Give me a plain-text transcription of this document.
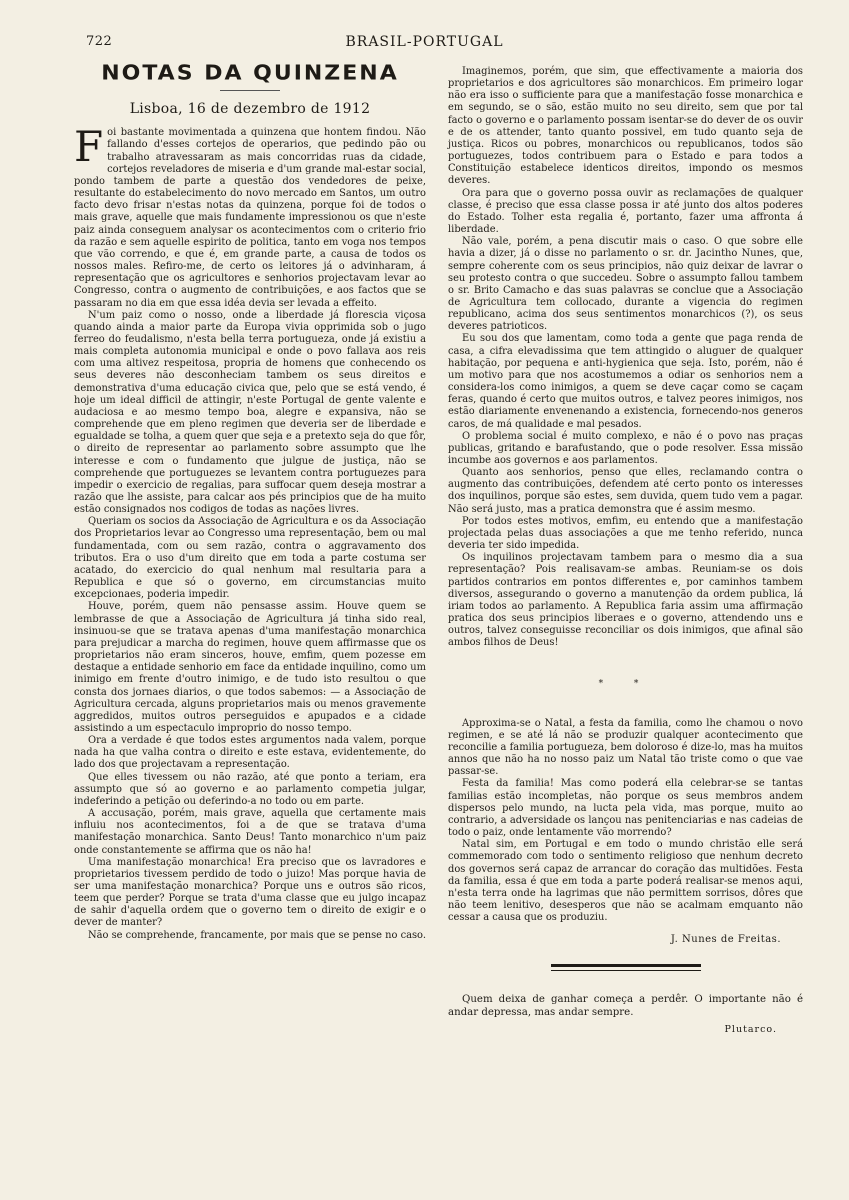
722	BRASIL-PORTUGAL
NOTAS DA QUINZENA
Lisboa, 16 de dezembro de 1912

Foi bastante movimentada a quinzena que hontem findou. Não fallando d'esses cortejos de operarios, que pedindo pão ou trabalho atravessaram as mais concorridas ruas da cidade, cortejos reveladores de miseria e d'um grande mal-estar social, pondo tambem de parte a questão dos vendedores de peixe, resultante do estabelecimento do novo mercado em Santos, um outro facto devo frisar n'estas notas da quinzena, porque foi de todos o mais grave, aquelle que mais fundamente impressionou os que n'este paiz ainda conseguem analysar os acontecimentos com o criterio frio da razão e sem aquelle espirito de politica, tanto em voga nos tempos que vão correndo, e que é, em grande parte, a causa de todos os nossos males. Refiro-me, de certo os leitores já o advinharam, á representação que os agricultores e senhorios projectavam levar ao Congresso, contra o augmento de contribuições, e aos factos que se passaram no dia em que essa idéa devia ser levada a effeito.

N'um paiz como o nosso, onde a liberdade já florescia viçosa quando ainda a maior parte da Europa vivia opprimida sob o jugo ferreo do feudalismo, n'esta bella terra portugueza, onde já existiu a mais completa autonomia municipal e onde o povo fallava aos reis com uma altivez respeitosa, propria de homens que conhecendo os seus deveres não desconheciam tambem os seus direitos e demonstrativa d'uma educação civica que, pelo que se está vendo, é hoje um ideal difficil de attingir, n'este Portugal de gente valente e audaciosa e ao mesmo tempo boa, alegre e expansiva, não se comprehende que em pleno regimen que deveria ser de liberdade e egualdade se tolha, a quem quer que seja e a pretexto seja do que fôr, o direito de representar ao parlamento sobre assumpto que lhe interesse e com o fundamento que julgue de justiça, não se comprehende que portuguezes se levantem contra portuguezes para impedir o exercicio de regalias, para suffocar quem deseja mostrar a razão que lhe assiste, para calcar aos pés principios que de ha muito estão consignados nos codigos de todas as nações livres.

Queriam os socios da Associação de Agricultura e os da Associação dos Proprietarios levar ao Congresso uma representação, bem ou mal fundamentada, com ou sem razão, contra o aggravamento dos tributos. Era o uso d'um direito que em toda a parte costuma ser acatado, do exercicio do qual nenhum mal resultaria para a Republica e que só o governo, em circumstancias muito excepcionaes, poderia impedir.

Houve, porém, quem não pensasse assim. Houve quem se lembrasse de que a Associação de Agricultura já tinha sido real, insinuou-se que se tratava apenas d'uma manifestação monarchica para prejudicar a marcha do regimen, houve quem affirmasse que os proprietarios não eram sinceros, houve, emfim, quem pozesse em destaque a entidade senhorio em face da entidade inquilino, como um inimigo em frente d'outro inimigo, e de tudo isto resultou o que consta dos jornaes diarios, o que todos sabemos: — a Associação de Agricultura cercada, alguns proprietarios mais ou menos gravemente aggredidos, muitos outros perseguidos e apupados e a cidade assistindo a um espectaculo improprio do nosso tempo.

Ora a verdade é que todos estes argumentos nada valem, porque nada ha que valha contra o direito e este estava, evidentemente, do lado dos que projectavam a representação.

Que elles tivessem ou não razão, até que ponto a teriam, era assumpto que só ao governo e ao parlamento competia julgar, indeferindo a petição ou deferindo-a no todo ou em parte.

A accusação, porém, mais grave, aquella que certamente mais influiu nos acontecimentos, foi a de que se tratava d'uma manifestação monarchica. Santo Deus! Tanto monarchico n'um paiz onde constantemente se affirma que os não ha!

Uma manifestação monarchica! Era preciso que os lavradores e proprietarios tivessem perdido de todo o juizo! Mas porque havia de ser uma manifestação monarchica? Porque uns e outros são ricos, teem que perder? Porque se trata d'uma classe que eu julgo incapaz de sahir d'aquella ordem que o governo tem o direito de exigir e o dever de manter?

Não se comprehende, francamente, por mais que se pense no caso.

Imaginemos, porém, que sim, que effectivamente a maioria dos proprietarios e dos agricultores são monarchicos. Em primeiro logar não era isso o sufficiente para que a manifestação fosse monarchica e em segundo, se o são, estão muito no seu direito, sem que por tal facto o governo e o parlamento possam isentar-se do dever de os ouvir e de os attender, tanto quanto possivel, em tudo quanto seja de justiça. Ricos ou pobres, monarchicos ou republicanos, todos são portuguezes, todos contribuem para o Estado e para todos a Constituição estabelece identicos direitos, impondo os mesmos deveres.

Ora para que o governo possa ouvir as reclamações de qualquer classe, é preciso que essa classe possa ir até junto dos altos poderes do Estado. Tolher esta regalia é, portanto, fazer uma affronta á liberdade.

Não vale, porém, a pena discutir mais o caso. O que sobre elle havia a dizer, já o disse no parlamento o sr. dr. Jacintho Nunes, que, sempre coherente com os seus principios, não quiz deixar de lavrar o seu protesto contra o que succedeu. Sobre o assumpto fallou tambem o sr. Brito Camacho e das suas palavras se conclue que a Associação de Agricultura tem collocado, durante a vigencia do regimen republicano, acima dos seus sentimentos monarchicos (?), os seus deveres patrioticos.

Eu sou dos que lamentam, como toda a gente que paga renda de casa, a cifra elevadissima que tem attingido o aluguer de qualquer habitação, por pequena e anti-hygienica que seja. Isto, porém, não é um motivo para que nos acostumemos a odiar os senhorios nem a considera-los como inimigos, a quem se deve caçar como se caçam feras, quando é certo que muitos outros, e talvez peores inimigos, nos estão diariamente envenenando a existencia, fornecendo-nos generos caros, de má qualidade e mal pesados.

O problema social é muito complexo, e não é o povo nas praças publicas, gritando e barafustando, que o pode resolver. Essa missão incumbe aos governos e aos parlamentos.

Quanto aos senhorios, penso que elles, reclamando contra o augmento das contribuições, defendem até certo ponto os interesses dos inquilinos, porque são estes, sem duvida, quem tudo vem a pagar. Não será justo, mas a pratica demonstra que é assim mesmo.

Por todos estes motivos, emfim, eu entendo que a manifestação projectada pelas duas associações a que me tenho referido, nunca deveria ter sido impedida.

Os inquilinos projectavam tambem para o mesmo dia a sua representação? Pois realisavam-se ambas. Reuniam-se os dois partidos contrarios em pontos differentes e, por caminhos tambem diversos, assegurando o governo a manutenção da ordem publica, lá iriam todos ao parlamento. A Republica faria assim uma affirmação pratica dos seus principios liberaes e o governo, attendendo uns e outros, talvez conseguisse reconciliar os dois inimigos, que afinal são ambos filhos de Deus!

* *

Approxima-se o Natal, a festa da familia, como lhe chamou o novo regimen, e se até lá não se produzir qualquer acontecimento que reconcilie a familia portugueza, bem doloroso é dize-lo, mas ha muitos annos que não ha no nosso paiz um Natal tão triste como o que vae passar-se.

Festa da familia! Mas como poderá ella celebrar-se se tantas familias estão incompletas, não porque os seus membros andem dispersos pelo mundo, na lucta pela vida, mas porque, muito ao contrario, a adversidade os lançou nas penitenciarias e nas cadeias de todo o paiz, onde lentamente vão morrendo?

Natal sim, em Portugal e em todo o mundo christão elle será commemorado com todo o sentimento religioso que nenhum decreto dos governos será capaz de arrancar do coração das multidões. Festa da familia, essa é que em toda a parte poderá realisar-se menos aqui, n'esta terra onde ha lagrimas que não permittem sorrisos, dôres que não teem lenitivo, desesperos que não se acalmam emquanto não cessar a causa que os produziu.

J. Nunes de Freitas.

Quem deixa de ganhar começa a perdêr. O importante não é andar depressa, mas andar sempre.

Plutarco.
